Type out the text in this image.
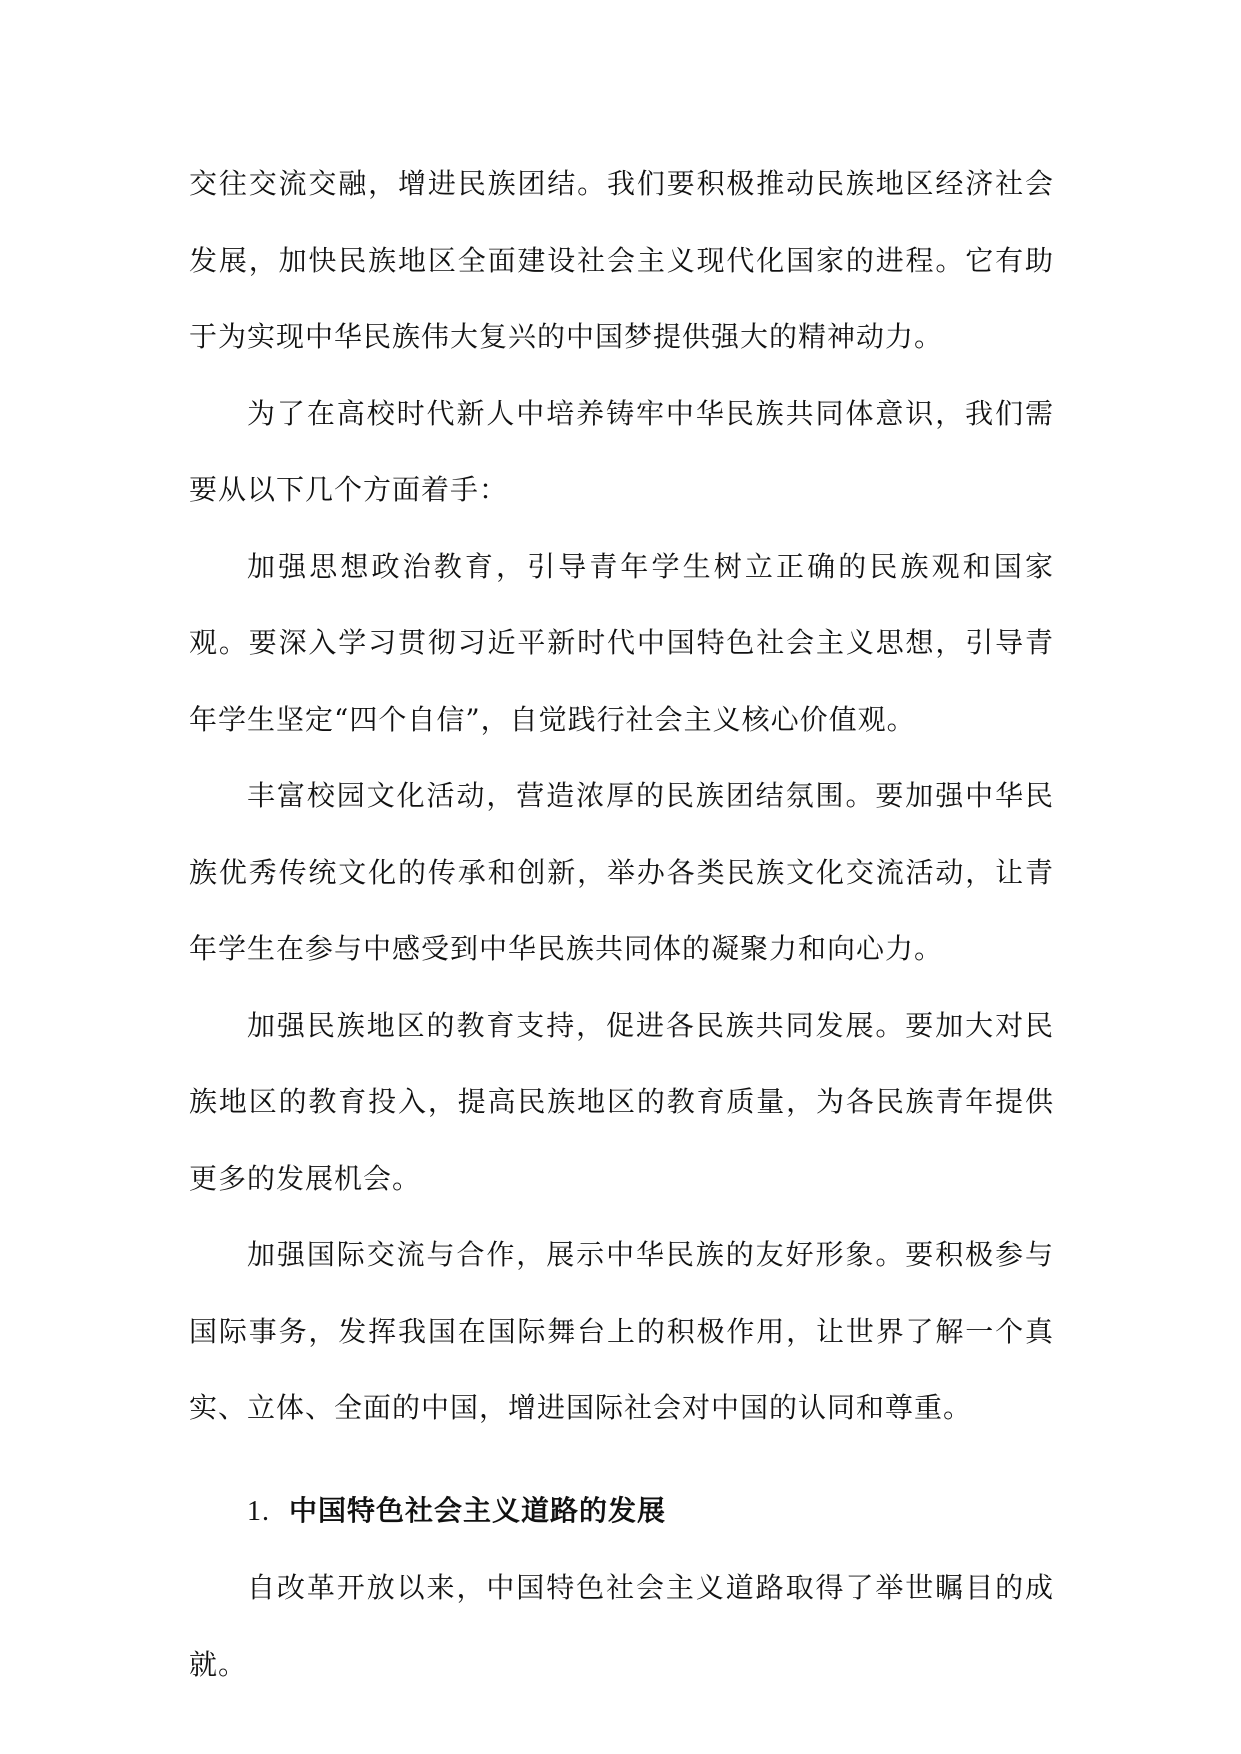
交往交流交融，增进民族团结。我们要积极推动民族地区经济社会发展，加快民族地区全面建设社会主义现代化国家的进程。它有助于为实现中华民族伟大复兴的中国梦提供强大的精神动力。

为了在高校时代新人中培养铸牢中华民族共同体意识，我们需要从以下几个方面着手：

加强思想政治教育，引导青年学生树立正确的民族观和国家观。要深入学习贯彻习近平新时代中国特色社会主义思想，引导青年学生坚定“四个自信”，自觉践行社会主义核心价值观。

丰富校园文化活动，营造浓厚的民族团结氛围。要加强中华民族优秀传统文化的传承和创新，举办各类民族文化交流活动，让青年学生在参与中感受到中华民族共同体的凝聚力和向心力。

加强民族地区的教育支持，促进各民族共同发展。要加大对民族地区的教育投入，提高民族地区的教育质量，为各民族青年提供更多的发展机会。

加强国际交流与合作，展示中华民族的友好形象。要积极参与国际事务，发挥我国在国际舞台上的积极作用，让世界了解一个真实、立体、全面的中国，增进国际社会对中国的认同和尊重。

1. 中国特色社会主义道路的发展

自改革开放以来，中国特色社会主义道路取得了举世瞩目的成就。
